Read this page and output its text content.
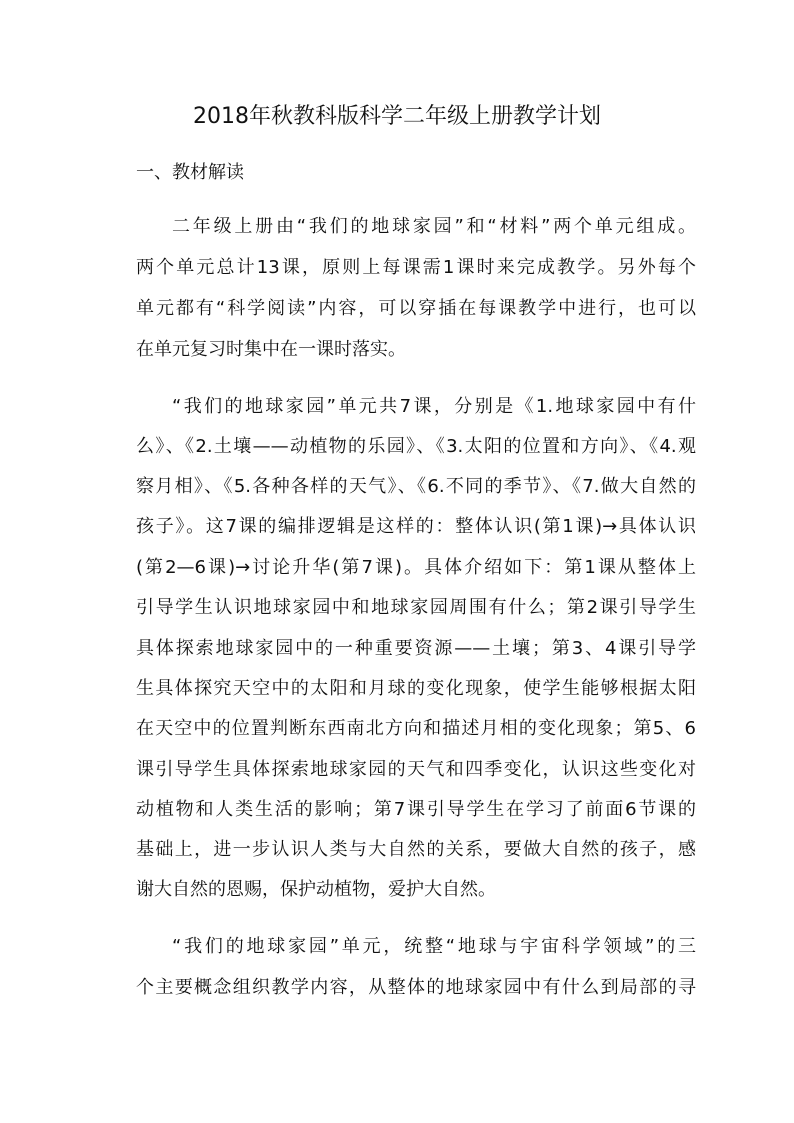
2018年秋教科版科学二年级上册教学计划
一、教材解读
二年级上册由“我们的地球家园”和“材料”两个单元组成。
两个单元总计13课，原则上每课需1课时来完成教学。另外每个
单元都有“科学阅读”内容，可以穿插在每课教学中进行，也可以
在单元复习时集中在一课时落实。
“我们的地球家园”单元共7课，分别是《1.地球家园中有什
么》、《2.土壤——动植物的乐园》、《3.太阳的位置和方向》、《4.观
察月相》、《5.各种各样的天气》、《6.不同的季节》、《7.做大自然的
孩子》。这7课的编排逻辑是这样的：整体认识(第1课)→具体认识
(第2—6课)→讨论升华(第7课)。具体介绍如下：第1课从整体上
引导学生认识地球家园中和地球家园周围有什么；第2课引导学生
具体探索地球家园中的一种重要资源——土壤；第3、4课引导学
生具体探究天空中的太阳和月球的变化现象，使学生能够根据太阳
在天空中的位置判断东西南北方向和描述月相的变化现象；第5、6
课引导学生具体探索地球家园的天气和四季变化，认识这些变化对
动植物和人类生活的影响；第7课引导学生在学习了前面6节课的
基础上，进一步认识人类与大自然的关系，要做大自然的孩子，感
谢大自然的恩赐，保护动植物，爱护大自然。
“我们的地球家园”单元，统整“地球与宇宙科学领域”的三
个主要概念组织教学内容，从整体的地球家园中有什么到局部的寻
